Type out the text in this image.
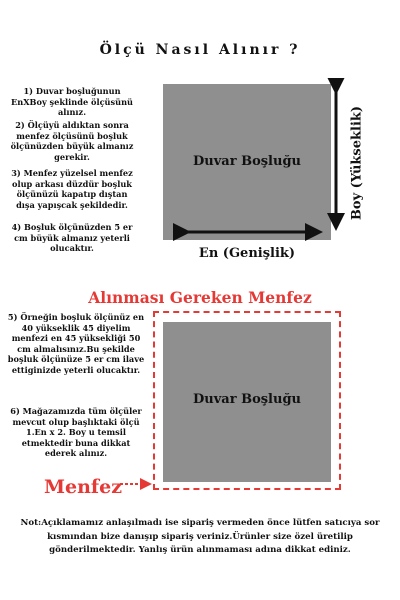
Ölçü Nasıl Alınır ?
1) Duvar boşluğunun EnXBoy şeklinde ölçüsünü alınız.
2) Ölçüyü aldıktan sonra menfez ölçüsünü boşluk ölçünüzden büyük almanız gerekir.
3) Menfez yüzelsel menfez olup arkası düzdür boşluk ölçünüzü kapatıp dıştan dışa yapışcak şekildedir.
4) Boşluk ölçünüzden 5 er cm büyük almanız yeterli olucaktır.
Duvar Boşluğu
En (Genişlik)
Boy (Yükseklik)
Alınması Gereken Menfez
5) Örneğin boşluk ölçünüz en 40 yükseklik 45 diyelim menfezi en 45 yüksekliği 50 cm almalısınız.Bu şekilde boşluk ölçünüze 5 er cm ilave ettiginizde yeterli olucaktır.
6) Mağazamızda tüm ölçüler mevcut olup başlıktaki ölçü 1.En x 2. Boy u temsil etmektedir buna dikkat ederek alınız.
Duvar Boşluğu
Menfez
Not:Açıklamamız anlaşılmadı ise sipariş vermeden önce lütfen satıcıya sor kısmından bize danışıp sipariş veriniz.Ürünler size özel üretilip gönderilmektedir. Yanlış ürün alınmaması adına dikkat ediniz.
